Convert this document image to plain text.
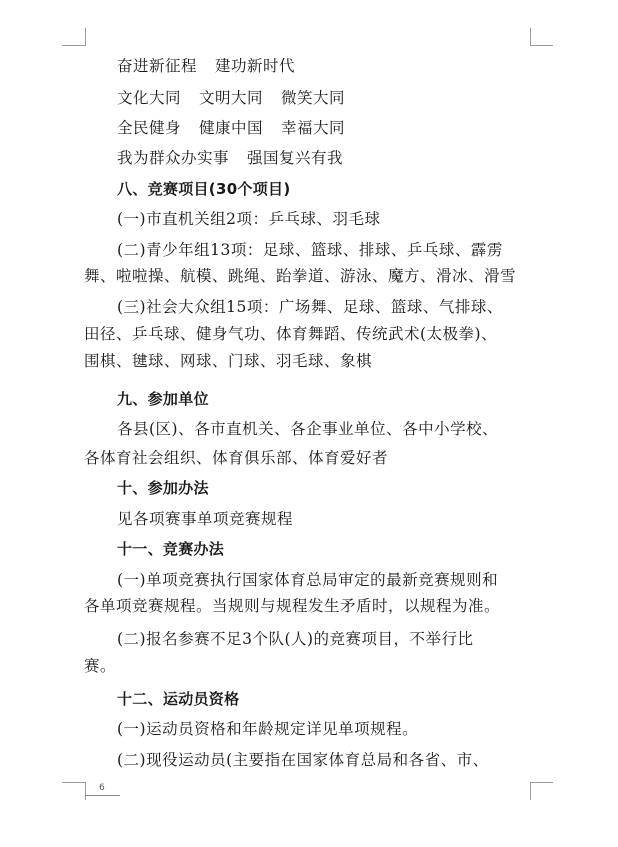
6
奋进新征程 建功新时代
文化大同 文明大同 微笑大同
全民健身 健康中国 幸福大同
我为群众办实事 强国复兴有我
八、竞赛项目(30个项目)
(一)市直机关组2项：乒乓球、羽毛球
(二)青少年组13项：足球、篮球、排球、乒乓球、霹雳
舞、啦啦操、航模、跳绳、跆拳道、游泳、魔方、滑冰、滑雪
(三)社会大众组15项：广场舞、足球、篮球、气排球、
田径、乒乓球、健身气功、体育舞蹈、传统武术(太极拳)、
围棋、毽球、网球、门球、羽毛球、象棋
九、参加单位
各县(区)、各市直机关、各企事业单位、各中小学校、
各体育社会组织、体育俱乐部、体育爱好者
十、参加办法
见各项赛事单项竞赛规程
十一、竞赛办法
(一)单项竞赛执行国家体育总局审定的最新竞赛规则和
各单项竞赛规程。当规则与规程发生矛盾时，以规程为准。
(二)报名参赛不足3个队(人)的竞赛项目，不举行比
赛。
十二、运动员资格
(一)运动员资格和年龄规定详见单项规程。
(二)现役运动员(主要指在国家体育总局和各省、市、
